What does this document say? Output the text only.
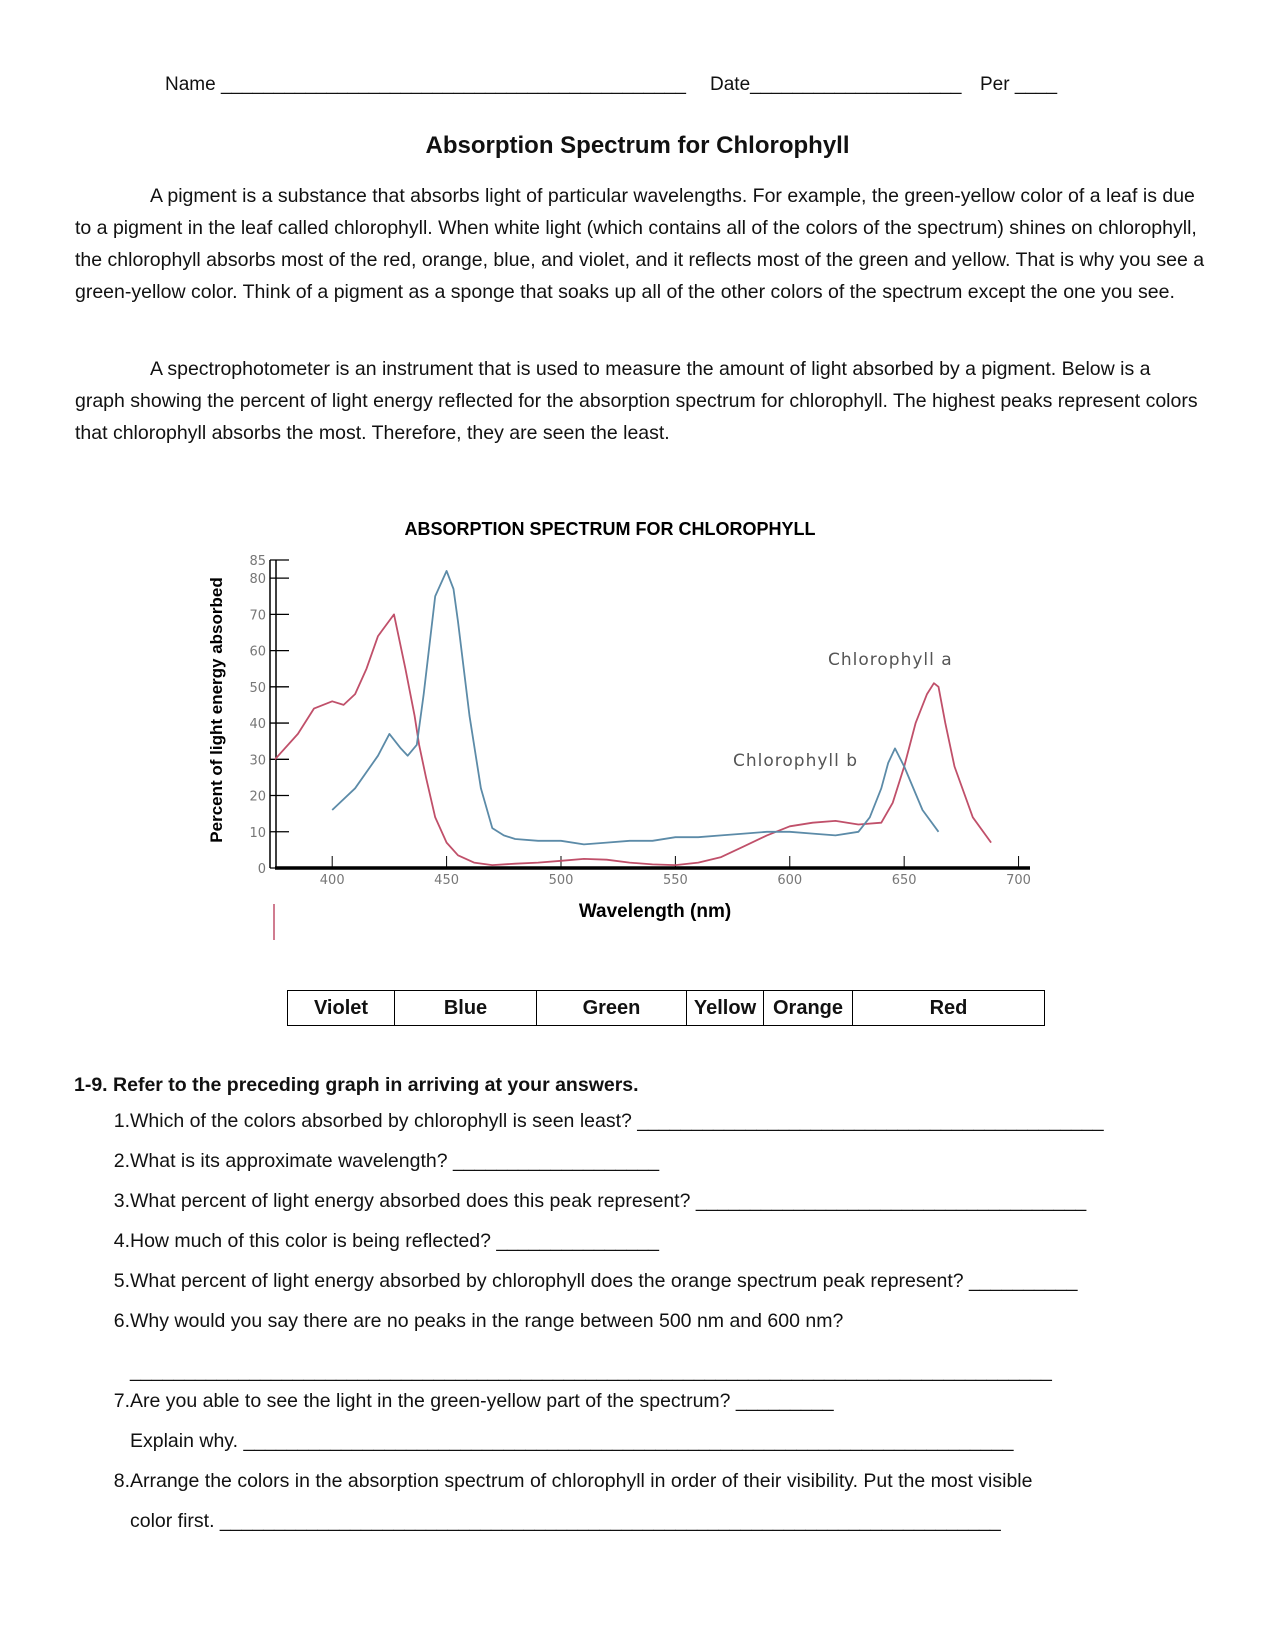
Name ____________________________________________ Date____________________ Per ____
Absorption Spectrum for Chlorophyll
A pigment is a substance that absorbs light of particular wavelengths. For example, the green-yellow color of a leaf is due to a pigment in the leaf called chlorophyll. When white light (which contains all of the colors of the spectrum) shines on chlorophyll, the chlorophyll absorbs most of the red, orange, blue, and violet, and it reflects most of the green and yellow. That is why you see a green-yellow color. Think of a pigment as a sponge that soaks up all of the other colors of the spectrum except the one you see.
A spectrophotometer is an instrument that is used to measure the amount of light absorbed by a pigment. Below is a graph showing the percent of light energy reflected for the absorption spectrum for chlorophyll. The highest peaks represent colors that chlorophyll absorbs the most. Therefore, they are seen the least.
ABSORPTION SPECTRUM FOR CHLOROPHYLL
Percent of light energy absorbed
Wavelength (nm)
0
10
20
30
40
50
60
70
80
85
400	450	500	550	600	650	700
Chlorophyll a
Chlorophyll b
Violet	Blue	Green	Yellow Orange	Red
1-9. Refer to the preceding graph in arriving at your answers.
1. Which of the colors absorbed by chlorophyll is seen least? ___________________________________________
2. What is its approximate wavelength? ___________________
3. What percent of light energy absorbed does this peak represent? ____________________________________
4. How much of this color is being reflected? _______________
5. What percent of light energy absorbed by chlorophyll does the orange spectrum peak represent? __________
6. Why would you say there are no peaks in the range between 500 nm and 600 nm?
_____________________________________________________________________________________
7. Are you able to see the light in the green-yellow part of the spectrum? _________
Explain why. _______________________________________________________________________
8. Arrange the colors in the absorption spectrum of chlorophyll in order of their visibility. Put the most visible
color first. ________________________________________________________________________
